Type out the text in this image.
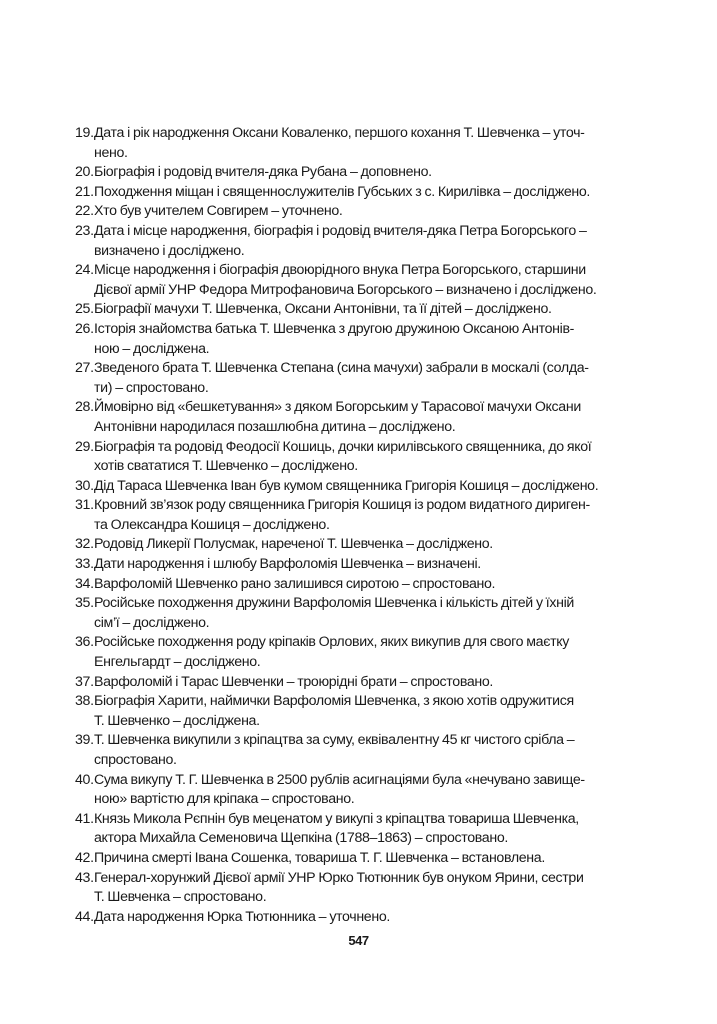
19. Дата і рік народження Оксани Коваленко, першого кохання Т. Шевченка – уточ-
нено.
20. Біографія і родовід вчителя-дяка Рубана – доповнено.
21. Походження міщан і священнослужителів Губських з с. Кирилівка – досліджено.
22. Хто був учителем Совгирем – уточнено.
23. Дата і місце народження, біографія і родовід вчителя-дяка Петра Богорського –
визначено і досліджено.
24. Місце народження і біографія двоюрідного внука Петра Богорського, старшини
Дієвої армії УНР Федора Митрофановича Богорського – визначено і досліджено.
25. Біографії мачухи Т. Шевченка, Оксани Антонівни, та її дітей – досліджено.
26. Історія знайомства батька Т. Шевченка з другою дружиною Оксаною Антонів-
ною – досліджена.
27. Зведеного брата Т. Шевченка Степана (сина мачухи) забрали в москалі (солда-
ти) – спростовано.
28. Ймовірно від «бешкетування» з дяком Богорським у Тарасової мачухи Оксани
Антонівни народилася позашлюбна дитина – досліджено.
29. Біографія та родовід Феодосії Кошиць, дочки кирилівського священника, до якої
хотів свататися Т. Шевченко – досліджено.
30. Дід Тараса Шевченка Іван був кумом священника Григорія Кошиця – досліджено.
31. Кровний зв’язок роду священника Григорія Кошиця із родом видатного дириген-
та Олександра Кошиця – досліджено.
32. Родовід Ликерії Полусмак, нареченої Т. Шевченка – досліджено.
33. Дати народження і шлюбу Варфоломія Шевченка – визначені.
34. Варфоломій Шевченко рано залишився сиротою – спростовано.
35. Російське походження дружини Варфоломія Шевченка і кількість дітей у їхній
сім’ї – досліджено.
36. Російське походження роду кріпаків Орлових, яких викупив для свого маєтку
Енгельгардт – досліджено.
37. Варфоломій і Тарас Шевченки – троюрідні брати – спростовано.
38. Біографія Харити, наймички Варфоломія Шевченка, з якою хотів одружитися
Т. Шевченко – досліджена.
39. Т. Шевченка викупили з кріпацтва за суму, еквівалентну 45 кг чистого срібла –
спростовано.
40. Сума викупу Т. Г. Шевченка в 2500 рублів асигнаціями була «нечувано завище-
ною» вартістю для кріпака – спростовано.
41. Князь Микола Рєпнін був меценатом у викупі з кріпацтва товариша Шевченка,
актора Михайла Семеновича Щепкіна (1788–1863) – спростовано.
42. Причина смерті Івана Сошенка, товариша Т. Г. Шевченка – встановлена.
43. Генерал-хорунжий Дієвої армії УНР Юрко Тютюнник був онуком Ярини, сестри
Т. Шевченка – спростовано.
44. Дата народження Юрка Тютюнника – уточнено.
547
